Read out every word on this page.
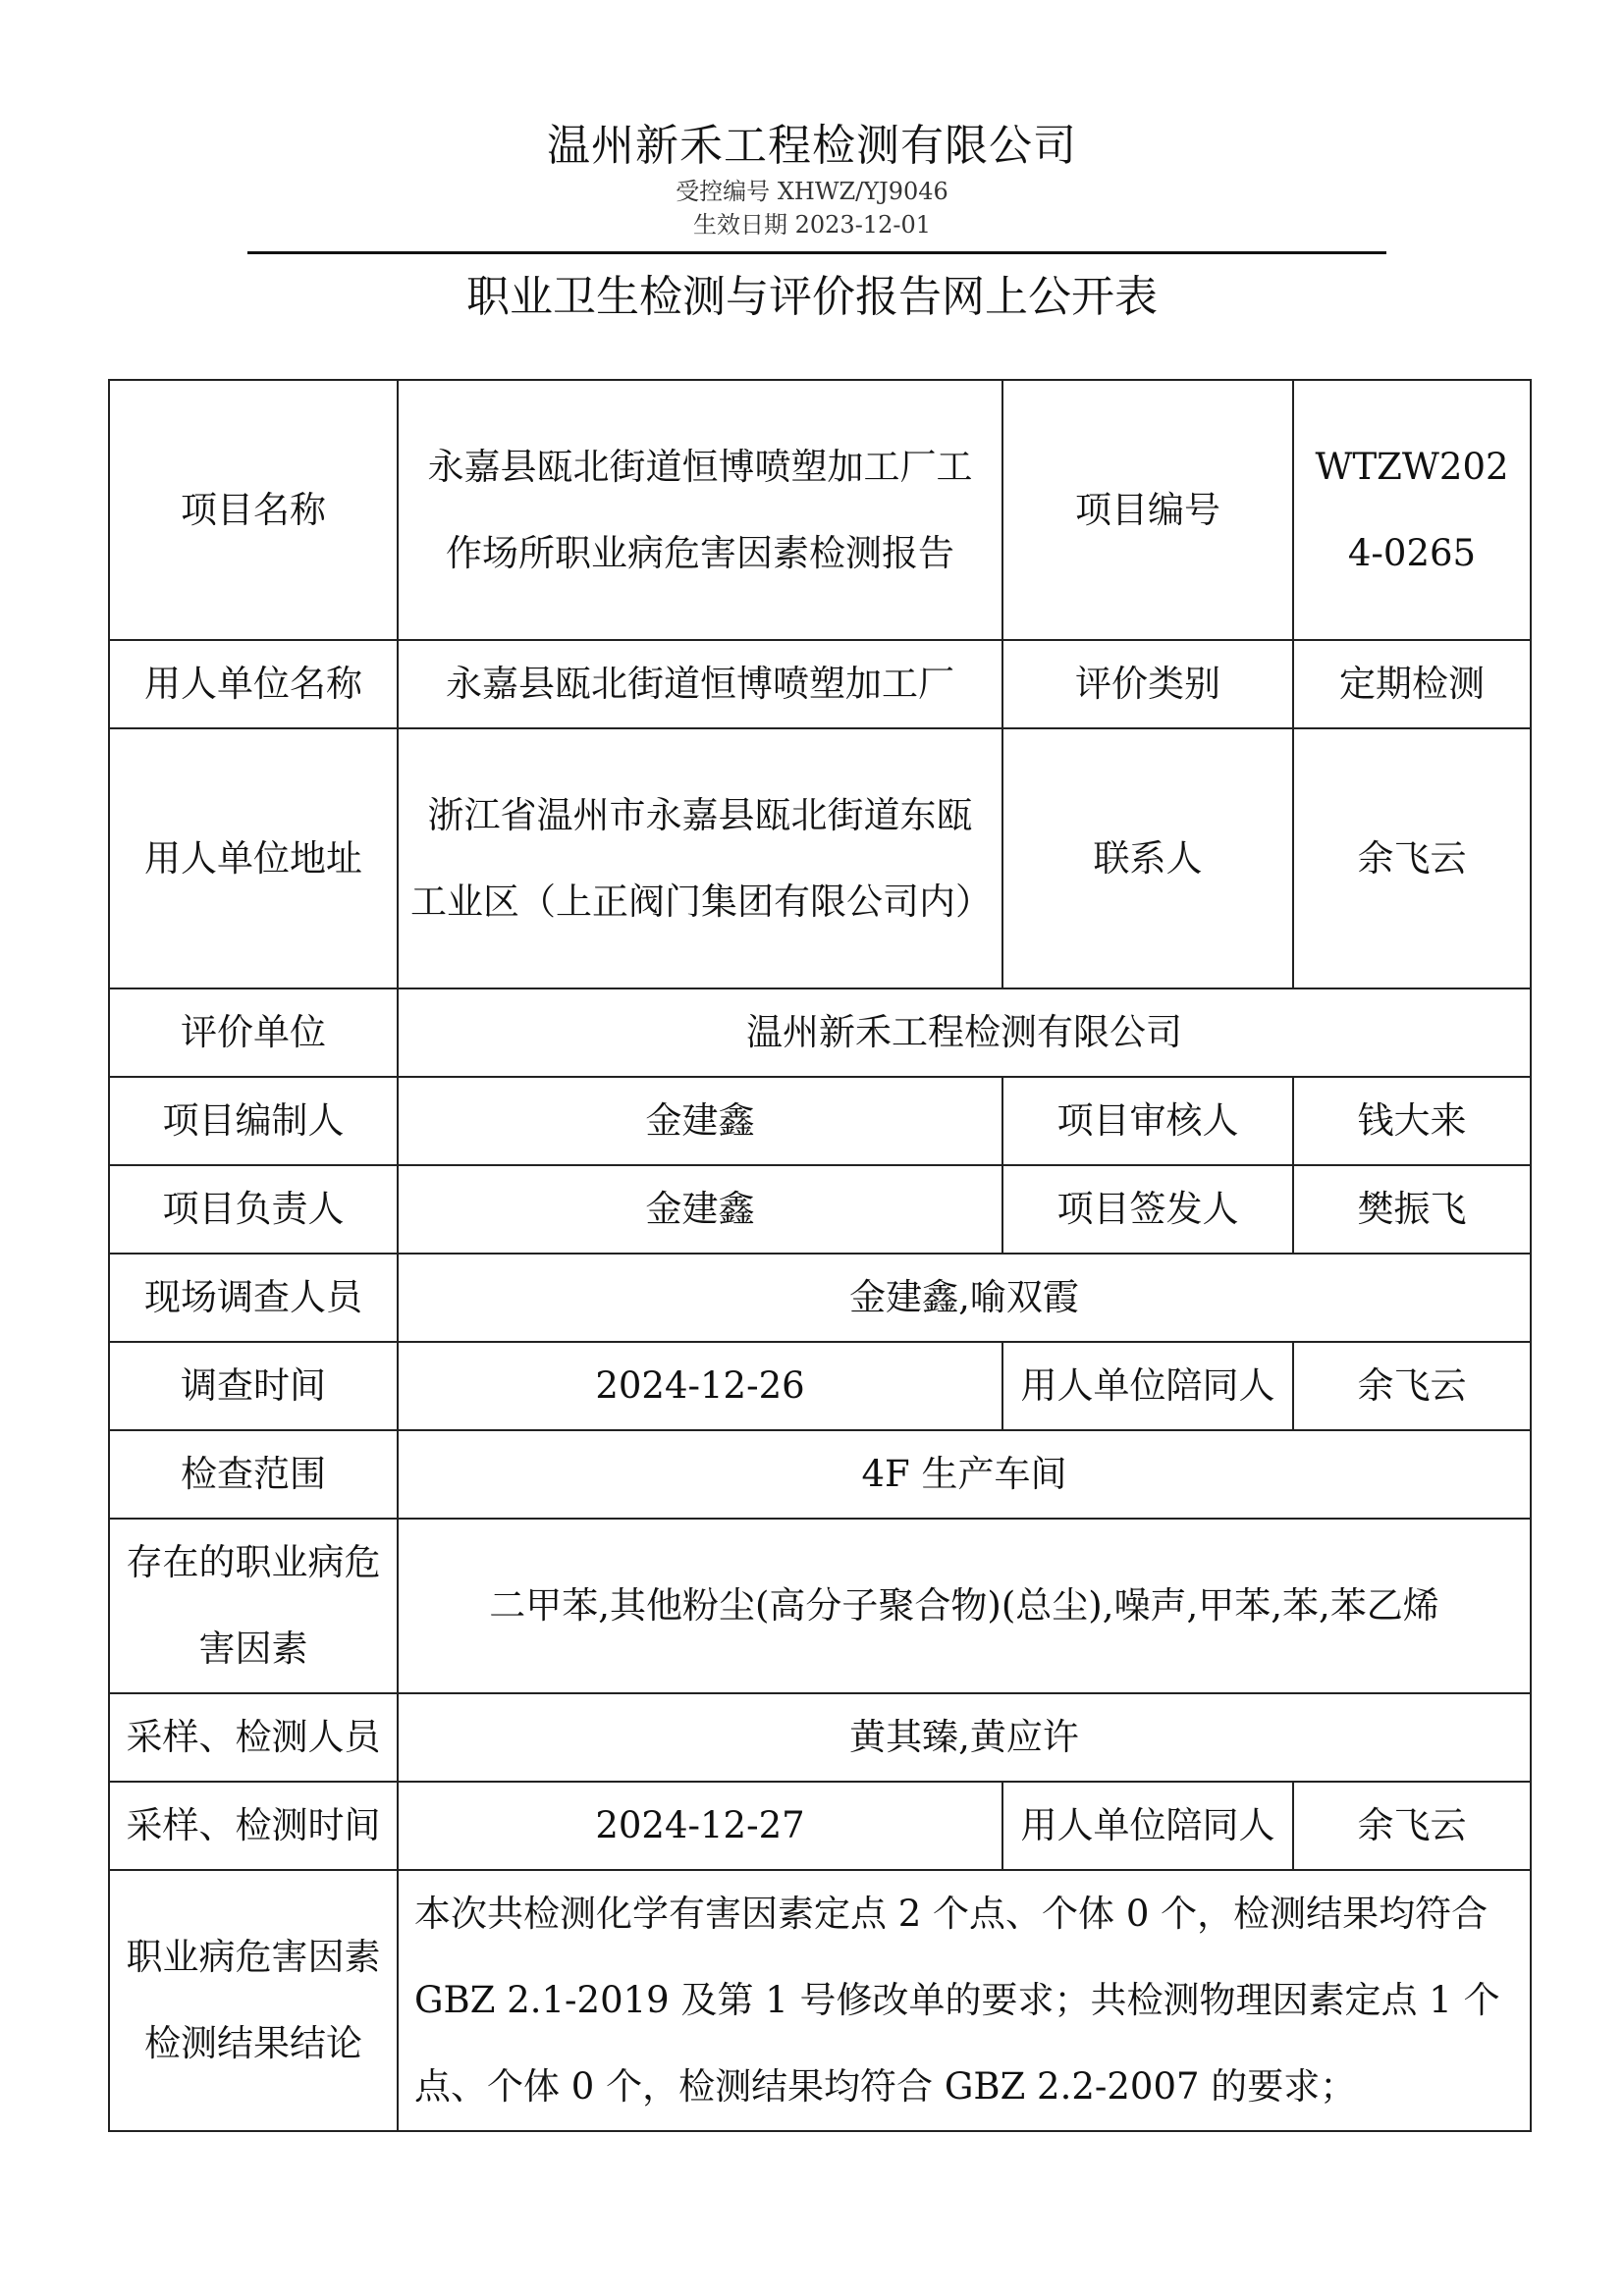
温州新禾工程检测有限公司
受控编号 XHWZ/YJ9046
生效日期 2023-12-01
职业卫生检测与评价报告网上公开表
项目名称	永嘉县瓯北街道恒博喷塑加工厂工作场所职业病危害因素检测报告	项目编号	WTZW2024-0265
用人单位名称	永嘉县瓯北街道恒博喷塑加工厂	评价类别	定期检测
用人单位地址	浙江省温州市永嘉县瓯北街道东瓯工业区（上正阀门集团有限公司内）	联系人	余飞云
评价单位	温州新禾工程检测有限公司		
项目编制人	金建鑫	项目审核人	钱大来
项目负责人	金建鑫	项目签发人	樊振飞
现场调查人员	金建鑫,喻双霞		
调查时间	2024-12-26	用人单位陪同人	余飞云
检查范围	4F 生产车间		
存在的职业病危害因素	二甲苯,其他粉尘(高分子聚合物)(总尘),噪声,甲苯,苯,苯乙烯		
采样、检测人员	黄其臻,黄应许		
采样、检测时间	2024-12-27	用人单位陪同人	余飞云
职业病危害因素检测结果结论	本次共检测化学有害因素定点 2 个点、个体 0 个，检测结果均符合 GBZ 2.1-2019 及第 1 号修改单的要求；共检测物理因素定点 1 个点、个体 0 个，检测结果均符合 GBZ 2.2-2007 的要求；		
